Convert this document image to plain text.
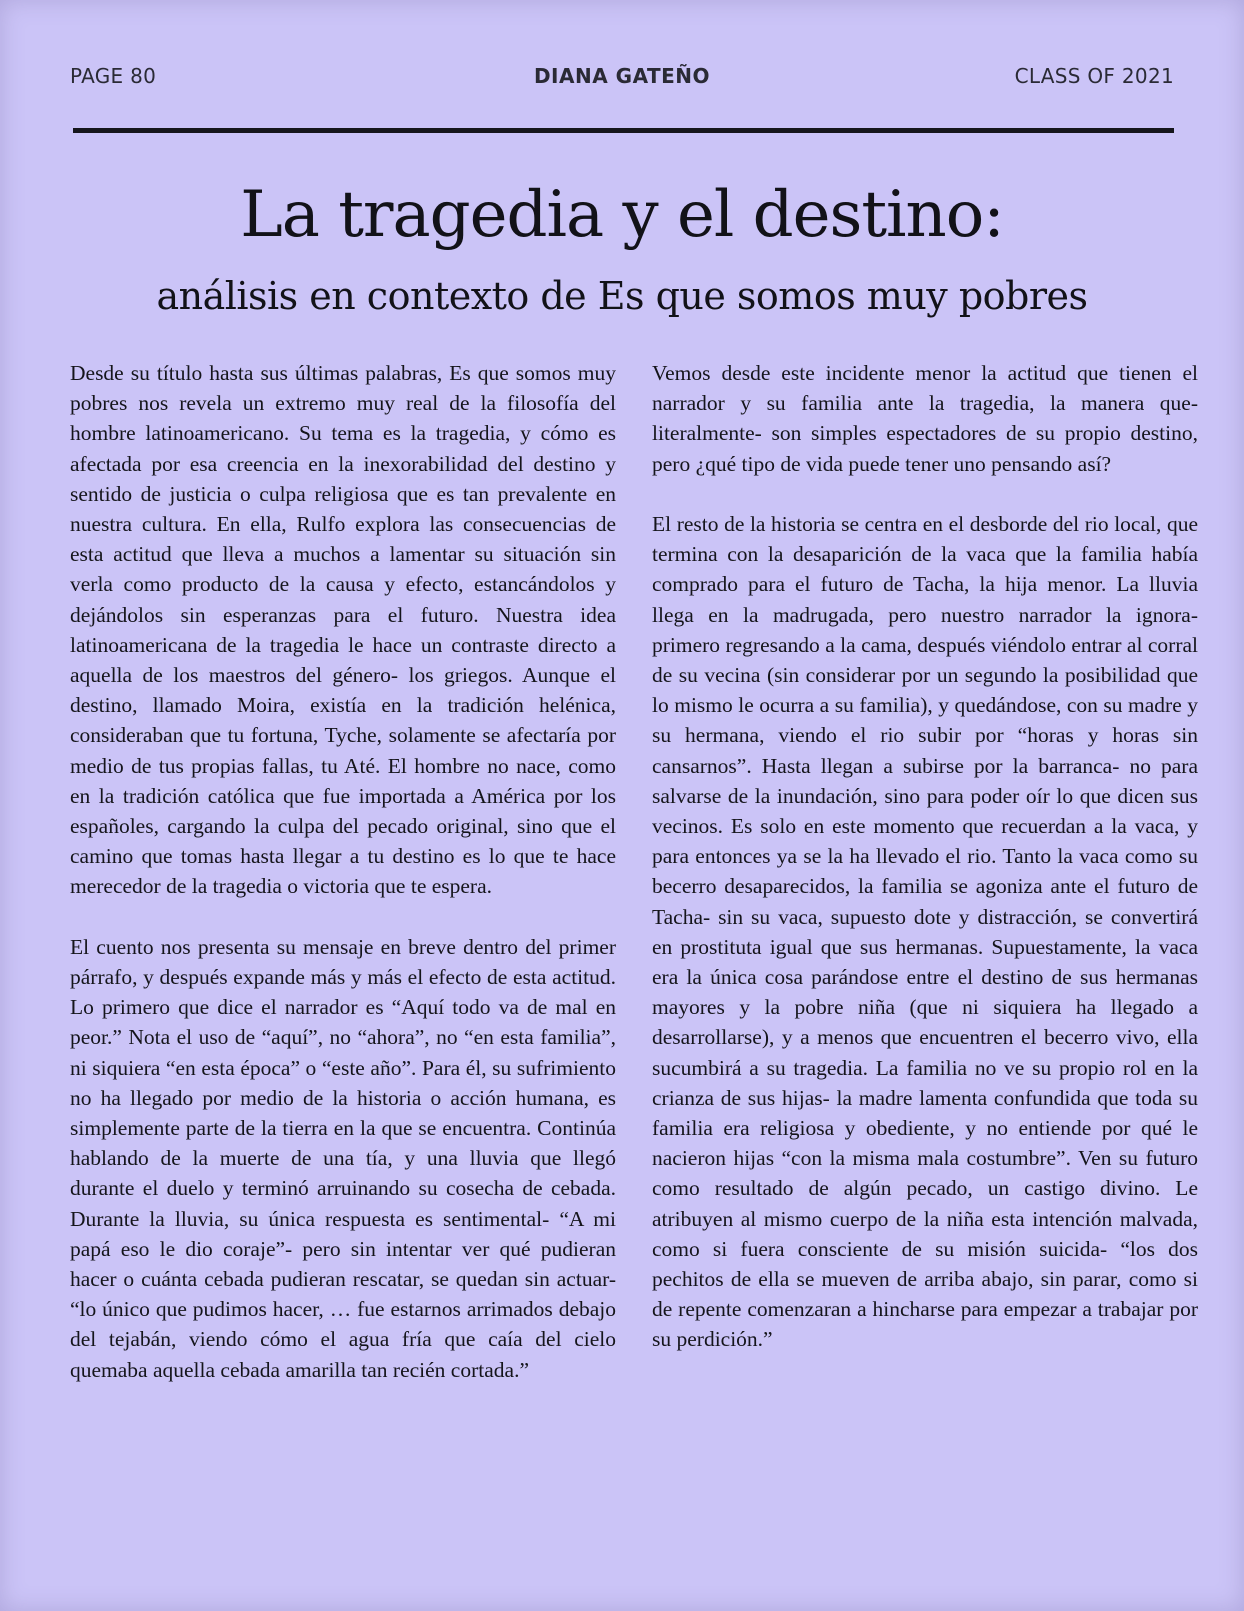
PAGE 80	DIANA GATEÑO	CLASS OF 2021
La tragedia y el destino:
análisis en contexto de Es que somos muy pobres

Desde su título hasta sus últimas palabras, Es que somos muy pobres nos revela un extremo muy real de la filosofía del hombre latinoamericano. Su tema es la tragedia, y cómo es afectada por esa creencia en la inexorabilidad del destino y sentido de justicia o culpa religiosa que es tan prevalente en nuestra cultura. En ella, Rulfo explora las consecuencias de esta actitud que lleva a muchos a lamentar su situación sin verla como producto de la causa y efecto, estancándolos y dejándolos sin esperanzas para el futuro. Nuestra idea latinoamericana de la tragedia le hace un contraste directo a aquella de los maestros del género- los griegos. Aunque el destino, llamado Moira, existía en la tradición helénica, consideraban que tu fortuna, Tyche, solamente se afectaría por medio de tus propias fallas, tu Até. El hombre no nace, como en la tradición católica que fue importada a América por los españoles, cargando la culpa del pecado original, sino que el camino que tomas hasta llegar a tu destino es lo que te hace merecedor de la tragedia o victoria que te espera.

El cuento nos presenta su mensaje en breve dentro del primer párrafo, y después expande más y más el efecto de esta actitud. Lo primero que dice el narrador es “Aquí todo va de mal en peor.” Nota el uso de “aquí”, no “ahora”, no “en esta familia”, ni siquiera “en esta época” o “este año”. Para él, su sufrimiento no ha llegado por medio de la historia o acción humana, es simplemente parte de la tierra en la que se encuentra. Continúa hablando de la muerte de una tía, y una lluvia que llegó durante el duelo y terminó arruinando su cosecha de cebada. Durante la lluvia, su única respuesta es sentimental- “A mi papá eso le dio coraje”- pero sin intentar ver qué pudieran hacer o cuánta cebada pudieran rescatar, se quedan sin actuar- “lo único que pudimos hacer, … fue estarnos arrimados debajo del tejabán, viendo cómo el agua fría que caía del cielo quemaba aquella cebada amarilla tan recién cortada.”

Vemos desde este incidente menor la actitud que tienen el narrador y su familia ante la tragedia, la manera que- literalmente- son simples espectadores de su propio destino, pero ¿qué tipo de vida puede tener uno pensando así?

El resto de la historia se centra en el desborde del rio local, que termina con la desaparición de la vaca que la familia había comprado para el futuro de Tacha, la hija menor. La lluvia llega en la madrugada, pero nuestro narrador la ignora- primero regresando a la cama, después viéndolo entrar al corral de su vecina (sin considerar por un segundo la posibilidad que lo mismo le ocurra a su familia), y quedándose, con su madre y su hermana, viendo el rio subir por “horas y horas sin cansarnos”. Hasta llegan a subirse por la barranca- no para salvarse de la inundación, sino para poder oír lo que dicen sus vecinos. Es solo en este momento que recuerdan a la vaca, y para entonces ya se la ha llevado el rio. Tanto la vaca como su becerro desaparecidos, la familia se agoniza ante el futuro de Tacha- sin su vaca, supuesto dote y distracción, se convertirá en prostituta igual que sus hermanas. Supuestamente, la vaca era la única cosa parándose entre el destino de sus hermanas mayores y la pobre niña (que ni siquiera ha llegado a desarrollarse), y a menos que encuentren el becerro vivo, ella sucumbirá a su tragedia. La familia no ve su propio rol en la crianza de sus hijas- la madre lamenta confundida que toda su familia era religiosa y obediente, y no entiende por qué le nacieron hijas “con la misma mala costumbre”. Ven su futuro como resultado de algún pecado, un castigo divino. Le atribuyen al mismo cuerpo de la niña esta intención malvada, como si fuera consciente de su misión suicida- “los dos pechitos de ella se mueven de arriba abajo, sin parar, como si de repente comenzaran a hincharse para empezar a trabajar por su perdición.”
